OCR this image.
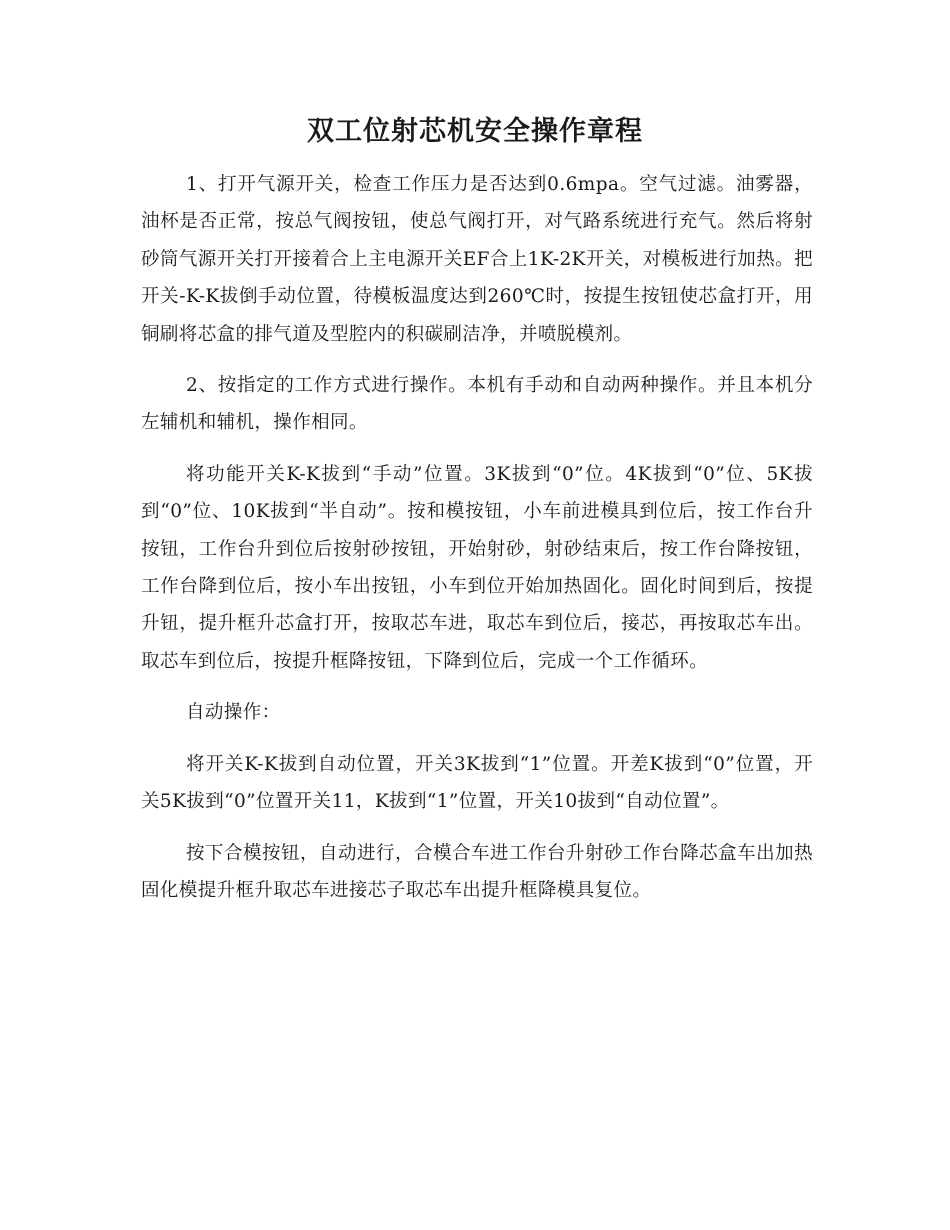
双工位射芯机安全操作章程

1、打开气源开关，检查工作压力是否达到0.6mpa。空气过滤。油雾器，油杯是否正常，按总气阀按钮，使总气阀打开，对气路系统进行充气。然后将射砂筒气源开关打开接着合上主电源开关EF合上1K-2K开关，对模板进行加热。把开关-K-K拔倒手动位置，待模板温度达到260℃时，按提生按钮使芯盒打开，用铜刷将芯盒的排气道及型腔内的积碳刷洁净，并喷脱模剂。

2、按指定的工作方式进行操作。本机有手动和自动两种操作。并且本机分左辅机和辅机，操作相同。

将功能开关K-K拔到“手动”位置。3K拔到“0”位。4K拔到“0”位、5K拔到“0”位、10K拔到“半自动”。按和模按钮，小车前进模具到位后，按工作台升按钮，工作台升到位后按射砂按钮，开始射砂，射砂结束后，按工作台降按钮，工作台降到位后，按小车出按钮，小车到位开始加热固化。固化时间到后，按提升钮，提升框升芯盒打开，按取芯车进，取芯车到位后，接芯，再按取芯车出。取芯车到位后，按提升框降按钮，下降到位后，完成一个工作循环。

自动操作：

将开关K-K拔到自动位置，开关3K拔到“1”位置。开差K拔到“0”位置，开关5K拔到“0”位置开关11，K拔到“1”位置，开关10拔到“自动位置”。

按下合模按钮，自动进行，合模合车进工作台升射砂工作台降芯盒车出加热固化模提升框升取芯车进接芯子取芯车出提升框降模具复位。
